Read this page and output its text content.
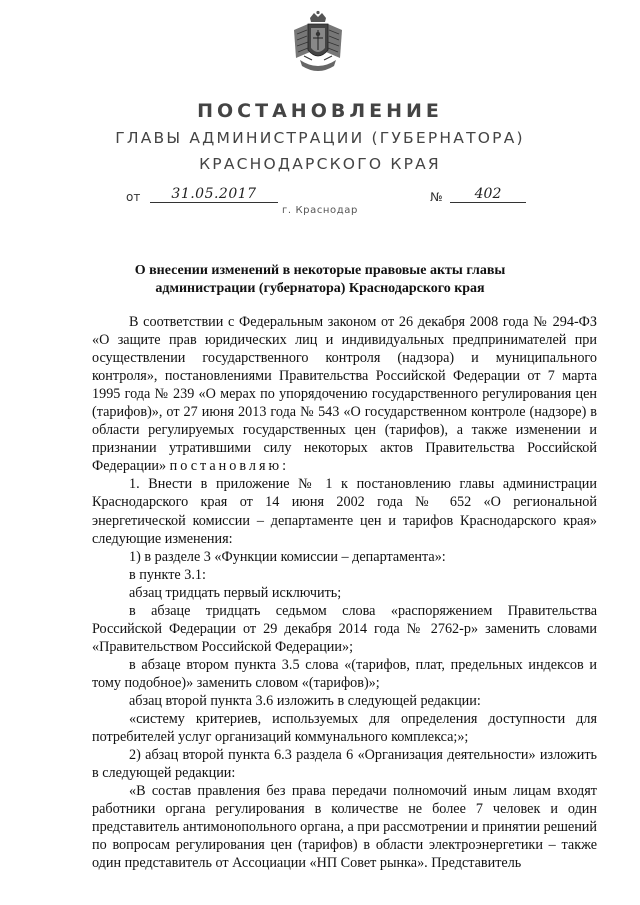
ПОСТАНОВЛЕНИЕ
ГЛАВЫ АДМИНИСТРАЦИИ (ГУБЕРНАТОРА)
КРАСНОДАРСКОГО КРАЯ
от	31.05.2017	№	402
г. Краснодар
О внесении изменений в некоторые правовые акты главы
администрации (губернатора) Краснодарского края

В соответствии с Федеральным законом от 26 декабря 2008 года № 294-ФЗ «О защите прав юридических лиц и индивидуальных предпринимателей при осуществлении государственного контроля (надзора) и муниципального контроля», постановлениями Правительства Российской Федерации от 7 марта 1995 года № 239 «О мерах по упорядочению государственного регулирования цен (тарифов)», от 27 июня 2013 года № 543 «О государственном контроле (надзоре) в области регулируемых государственных цен (тарифов), а также изменении и признании утратившими силу некоторых актов Правительства Российской Федерации» постановляю:

1. Внести в приложение № 1 к постановлению главы администрации Краснодарского края от 14 июня 2002 года № 652 «О региональной энергетической комиссии – департаменте цен и тарифов Краснодарского края» следующие изменения:

1) в разделе 3 «Функции комиссии – департамента»:

в пункте 3.1:

абзац тридцать первый исключить;

в абзаце тридцать седьмом слова «распоряжением Правительства Российской Федерации от 29 декабря 2014 года № 2762-р» заменить словами «Правительством Российской Федерации»;

в абзаце втором пункта 3.5 слова «(тарифов, плат, предельных индексов и тому подобное)» заменить словом «(тарифов)»;

абзац второй пункта 3.6 изложить в следующей редакции:

«систему критериев, используемых для определения доступности для потребителей услуг организаций коммунального комплекса;»;

2) абзац второй пункта 6.3 раздела 6 «Организация деятельности» изложить в следующей редакции:

«В состав правления без права передачи полномочий иным лицам входят работники органа регулирования в количестве не более 7 человек и один представитель антимонопольного органа, а при рассмотрении и принятии решений по вопросам регулирования цен (тарифов) в области электроэнергетики – также один представитель от Ассоциации «НП Совет рынка». Представитель
